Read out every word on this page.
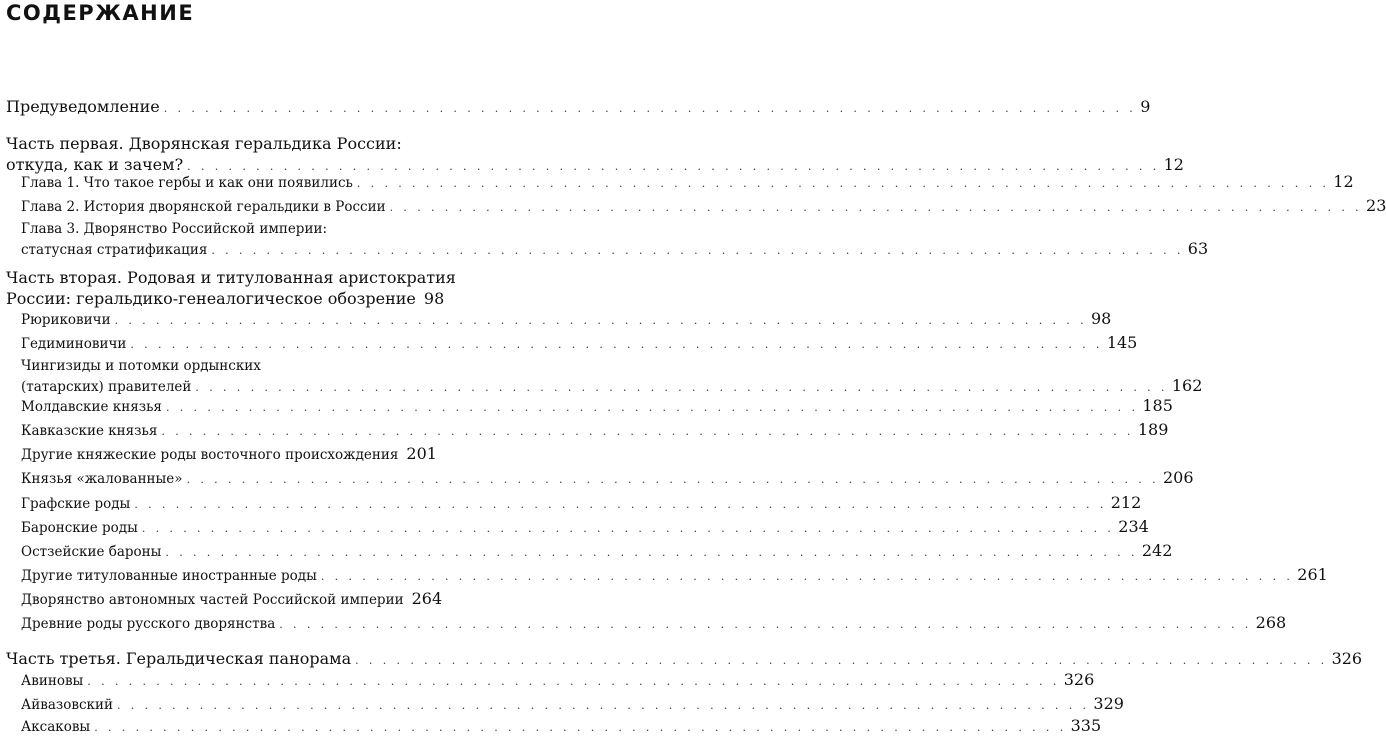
СОДЕРЖАНИЕ
Предуведомление . . . . . . . . . . . . . . . . . . . . . . . . . . . . . . . . . . . . . . . . . . . . . . . . . . . . . . . . . . . . . . . . . . . . . . . 9
Часть первая. Дворянская геральдика России:
откуда, как и зачем? . . . . . . . . . . . . . . . . . . . . . . . . . . . . . . . . . . . . . . . . . . . . . . . . . . . . . . . . . . . . . . . . . . . . . . . 12
Глава 1. Что такое гербы и как они появились . . . . . . . . . . . . . . . . . . . . . . . . . . . . . . . . . . . . . . . . . . . . . . . . . . . . . . . . . . . . . . . . . . . . . . . 12
Глава 2. История дворянской геральдики в России . . . . . . . . . . . . . . . . . . . . . . . . . . . . . . . . . . . . . . . . . . . . . . . . . . . . . . . . . . . . . . . . . . . . . . . 23
Глава 3. Дворянство Российской империи:
статусная стратификация . . . . . . . . . . . . . . . . . . . . . . . . . . . . . . . . . . . . . . . . . . . . . . . . . . . . . . . . . . . . . . . . . . . . . . . 63
Часть вторая. Родовая и титулованная аристократия
России: геральдико-генеалогическое обозрение 98
Рюриковичи . . . . . . . . . . . . . . . . . . . . . . . . . . . . . . . . . . . . . . . . . . . . . . . . . . . . . . . . . . . . . . . . . . . . . . . 98
Гедиминовичи . . . . . . . . . . . . . . . . . . . . . . . . . . . . . . . . . . . . . . . . . . . . . . . . . . . . . . . . . . . . . . . . . . . . . . . 145
Чингизиды и потомки ордынских
(татарских) правителей . . . . . . . . . . . . . . . . . . . . . . . . . . . . . . . . . . . . . . . . . . . . . . . . . . . . . . . . . . . . . . . . . . . . . . . 162
Молдавские князья . . . . . . . . . . . . . . . . . . . . . . . . . . . . . . . . . . . . . . . . . . . . . . . . . . . . . . . . . . . . . . . . . . . . . . . 185
Кавказские князья . . . . . . . . . . . . . . . . . . . . . . . . . . . . . . . . . . . . . . . . . . . . . . . . . . . . . . . . . . . . . . . . . . . . . . . 189
Другие княжеские роды восточного происхождения 201
Князья «жалованные» . . . . . . . . . . . . . . . . . . . . . . . . . . . . . . . . . . . . . . . . . . . . . . . . . . . . . . . . . . . . . . . . . . . . . . . 206
Графские роды . . . . . . . . . . . . . . . . . . . . . . . . . . . . . . . . . . . . . . . . . . . . . . . . . . . . . . . . . . . . . . . . . . . . . . . 212
Баронские роды . . . . . . . . . . . . . . . . . . . . . . . . . . . . . . . . . . . . . . . . . . . . . . . . . . . . . . . . . . . . . . . . . . . . . . . 234
Остзейские бароны . . . . . . . . . . . . . . . . . . . . . . . . . . . . . . . . . . . . . . . . . . . . . . . . . . . . . . . . . . . . . . . . . . . . . . . 242
Другие титулованные иностранные роды . . . . . . . . . . . . . . . . . . . . . . . . . . . . . . . . . . . . . . . . . . . . . . . . . . . . . . . . . . . . . . . . . . . . . . . 261
Дворянство автономных частей Российской империи 264
Древние роды русского дворянства . . . . . . . . . . . . . . . . . . . . . . . . . . . . . . . . . . . . . . . . . . . . . . . . . . . . . . . . . . . . . . . . . . . . . . . 268
Часть третья. Геральдическая панорама . . . . . . . . . . . . . . . . . . . . . . . . . . . . . . . . . . . . . . . . . . . . . . . . . . . . . . . . . . . . . . . . . . . . . . . 326
Авиновы . . . . . . . . . . . . . . . . . . . . . . . . . . . . . . . . . . . . . . . . . . . . . . . . . . . . . . . . . . . . . . . . . . . . . . . 326
Айвазовский . . . . . . . . . . . . . . . . . . . . . . . . . . . . . . . . . . . . . . . . . . . . . . . . . . . . . . . . . . . . . . . . . . . . . . . 329
Аксаковы . . . . . . . . . . . . . . . . . . . . . . . . . . . . . . . . . . . . . . . . . . . . . . . . . . . . . . . . . . . . . . . . . . . . . . . 335
